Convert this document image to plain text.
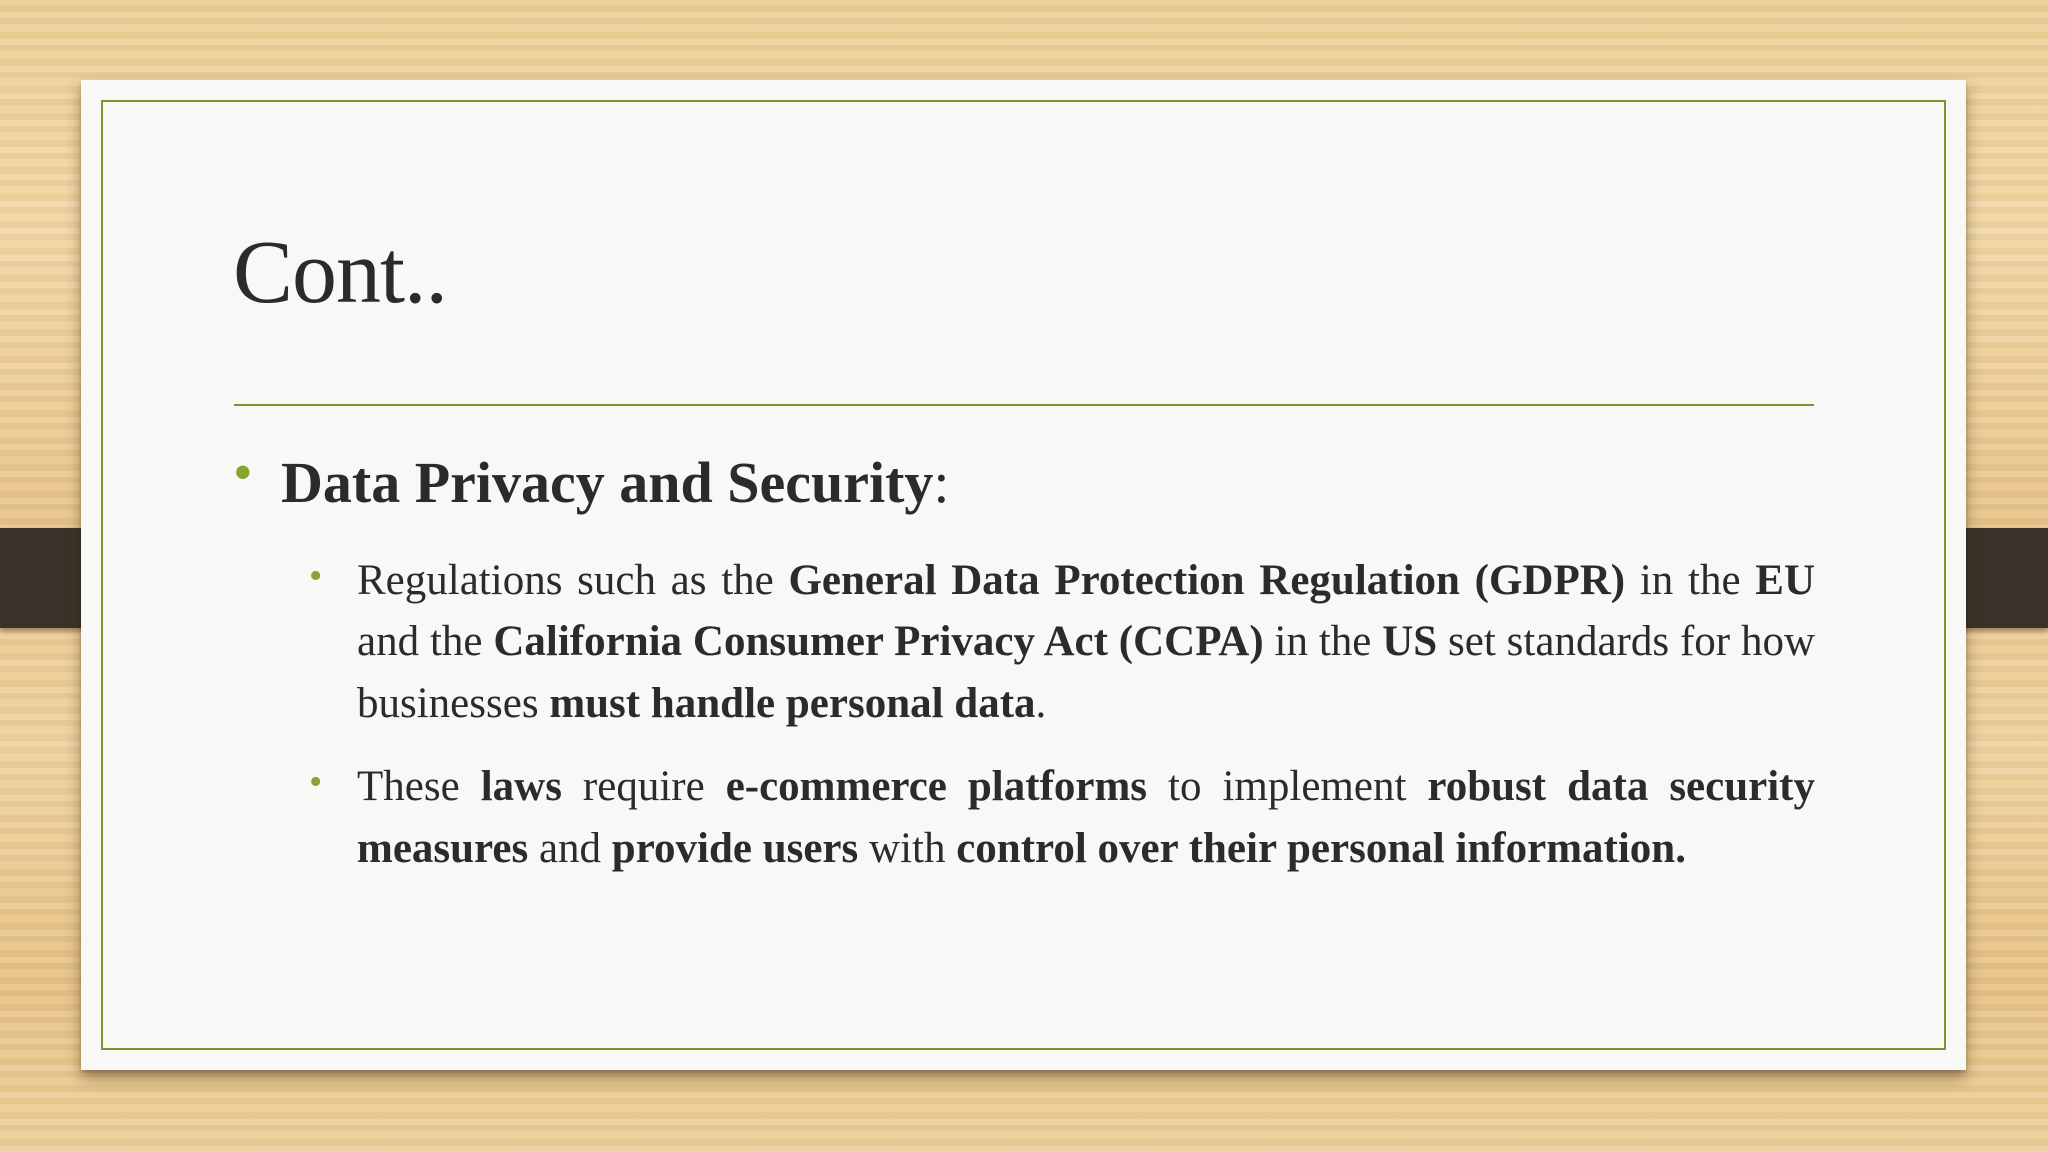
Cont..
• Data Privacy and Security:
• Regulations such as the General Data Protection Regulation (GDPR) in the EU and the California Consumer Privacy Act (CCPA) in the US set standards for how businesses must handle personal data.
• These laws require e-commerce platforms to implement robust data security measures and provide users with control over their personal information.
